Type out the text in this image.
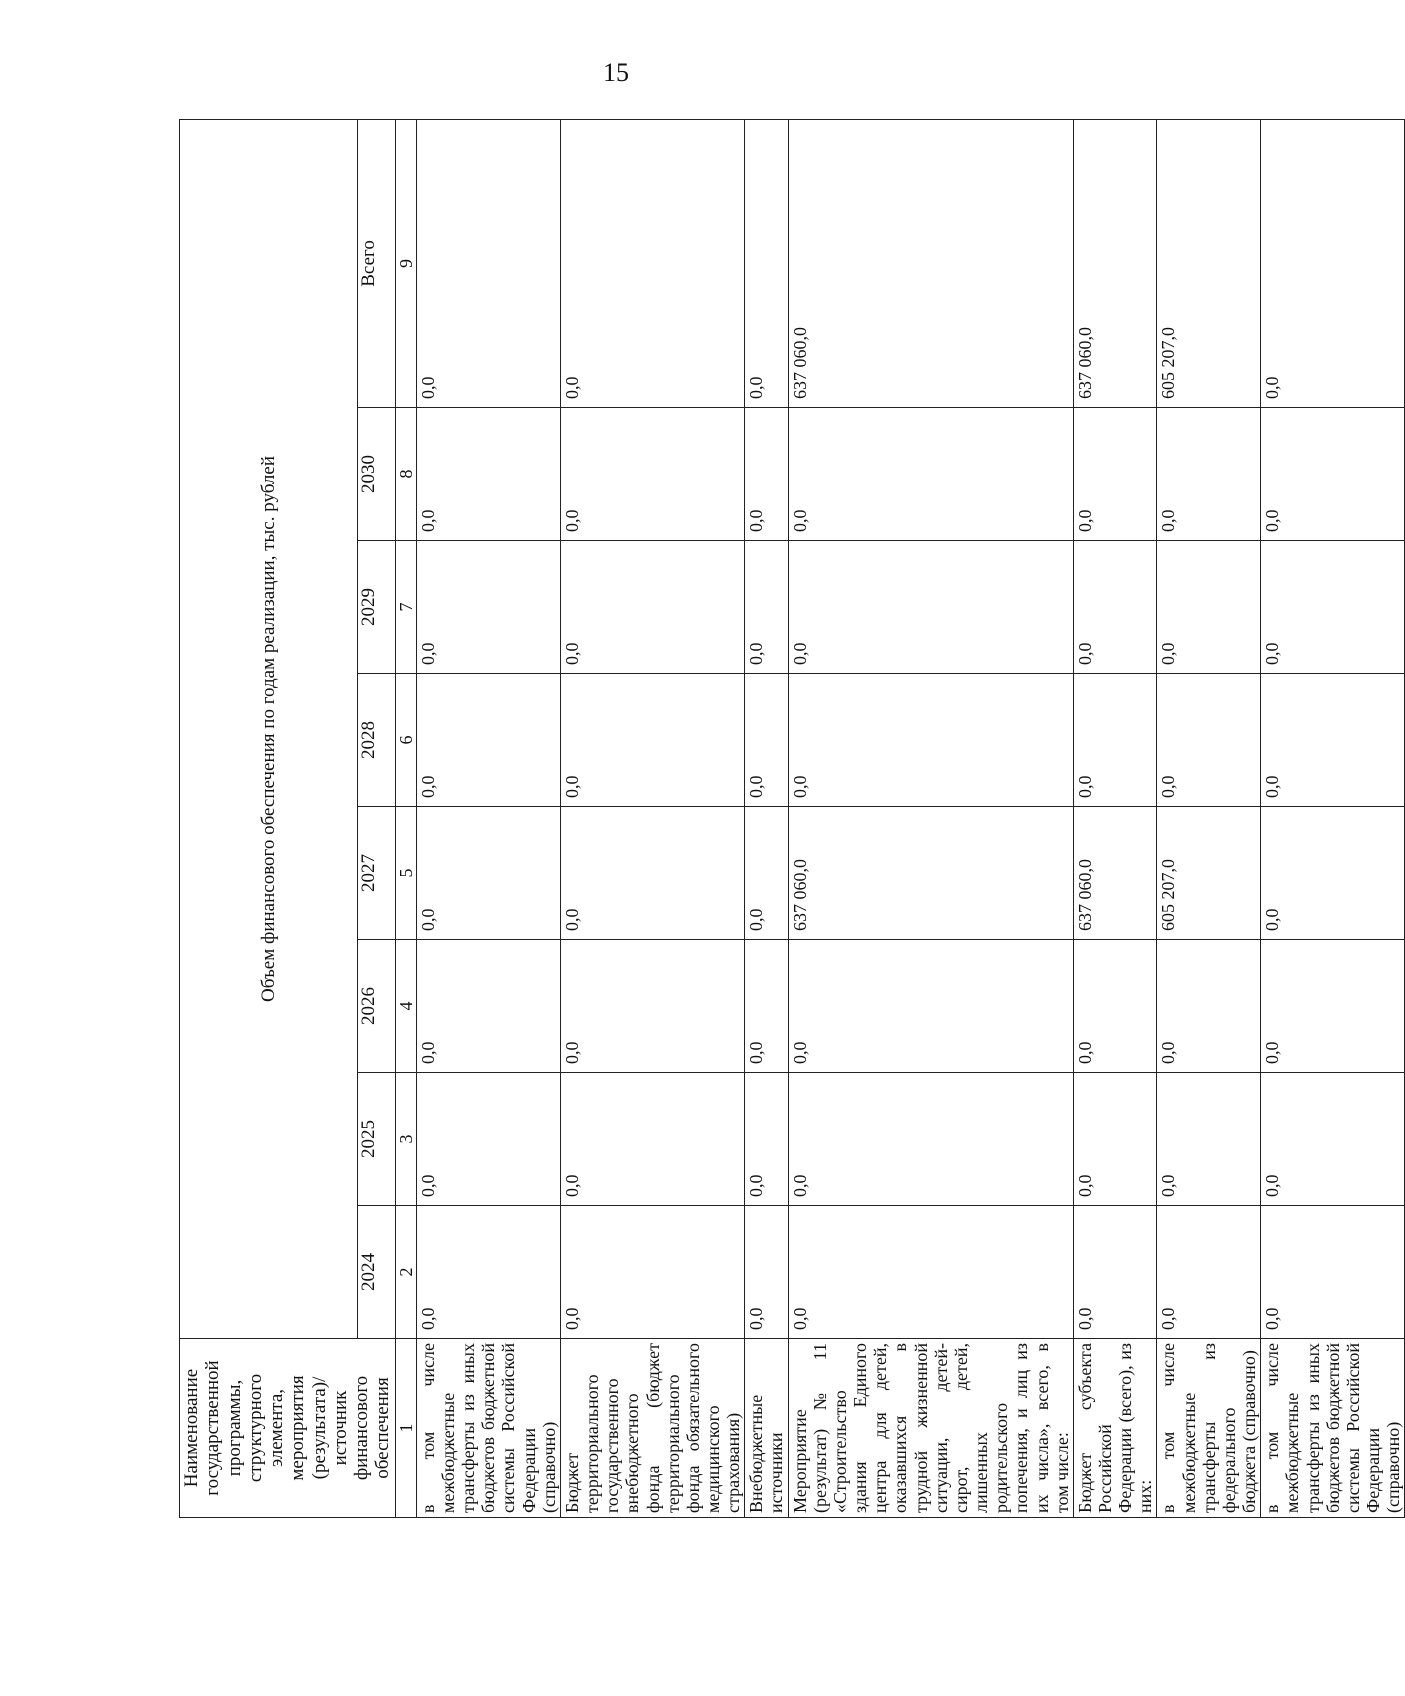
15
Наименование государственной программы, структурного элемента, мероприятия (результата)/источник финансового обеспечения	Объем финансового обеспечения по годам реализации, тыс. рублей							
	2024	2025	2026	2027	2028	2029	2030	Всего
1	2	3	4	5	6	7	8	9
в том числе межбюджетные трансферты из иных бюджетов бюджетной системы Российской Федерации (справочно)	0,0	0,0	0,0	0,0	0,0	0,0	0,0	0,0
Бюджет территориального государственного внебюджетного фонда (бюджет территориального фонда обязательного медицинского страхования)	0,0	0,0	0,0	0,0	0,0	0,0	0,0	0,0
Внебюджетные источники	0,0	0,0	0,0	0,0	0,0	0,0	0,0	0,0
Мероприятие (результат) № 11 «Строительство здания Единого центра для детей, оказавшихся в трудной жизненной ситуации, детей-сирот, детей, лишенных родительского попечения, и лиц из их числа», всего, в том числе:	0,0	0,0	0,0	637 060,0	0,0	0,0	0,0	637 060,0
Бюджет субъекта Российской Федерации (всего), из них:	0,0	0,0	0,0	637 060,0	0,0	0,0	0,0	637 060,0
в том числе межбюджетные трансферты из федерального бюджета (справочно)	0,0	0,0	0,0	605 207,0	0,0	0,0	0,0	605 207,0
в том числе межбюджетные трансферты из иных бюджетов бюджетной системы Российской Федерации (справочно)	0,0	0,0	0,0	0,0	0,0	0,0	0,0	0,0
